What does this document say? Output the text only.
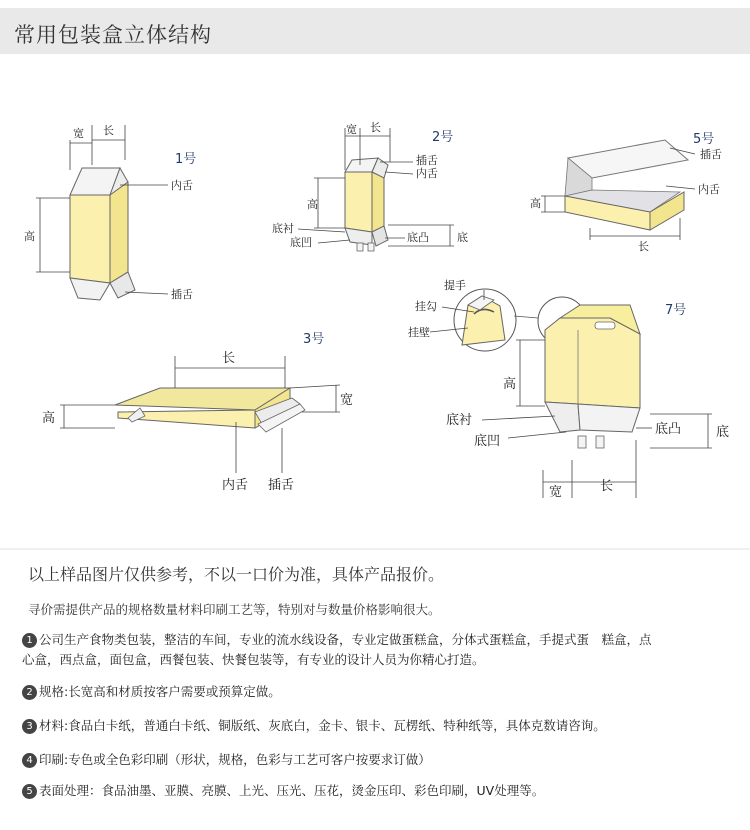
常用包装盒立体结构
宽 长
高
内舌
插舌
1号
宽 长
2号
高
插舌
内舌
底衬
底凹	底凸	底
插舌
内舌
5号
高
长
长
3号
高
宽
内舌 插舌
提手
挂勾
挂壁
7号
高
底衬
底凹
底凸	底
宽	长
以上样品图片仅供参考，不以一口价为准，具体产品报价。
寻价需提供产品的规格数量材料印刷工艺等，特别对与数量价格影响很大。
1 公司生产食物类包装，整洁的车间，专业的流水线设备，专业定做蛋糕盒，分体式蛋糕盒，手提式蛋　糕盒，点
心盒，西点盒，面包盒，西餐包装、快餐包装等，有专业的设计人员为你精心打造。
2 规格:长宽高和材质按客户需要或预算定做。
3 材料:食品白卡纸，普通白卡纸、铜版纸、灰底白，金卡、银卡、瓦楞纸、特种纸等，具体克数请咨询。
4 印刷:专色或全色彩印刷（形状，规格，色彩与工艺可客户按要求订做）
5 表面处理：食品油墨、亚膜、亮膜、上光、压光、压花，烫金压印、彩色印刷，UV处理等。
